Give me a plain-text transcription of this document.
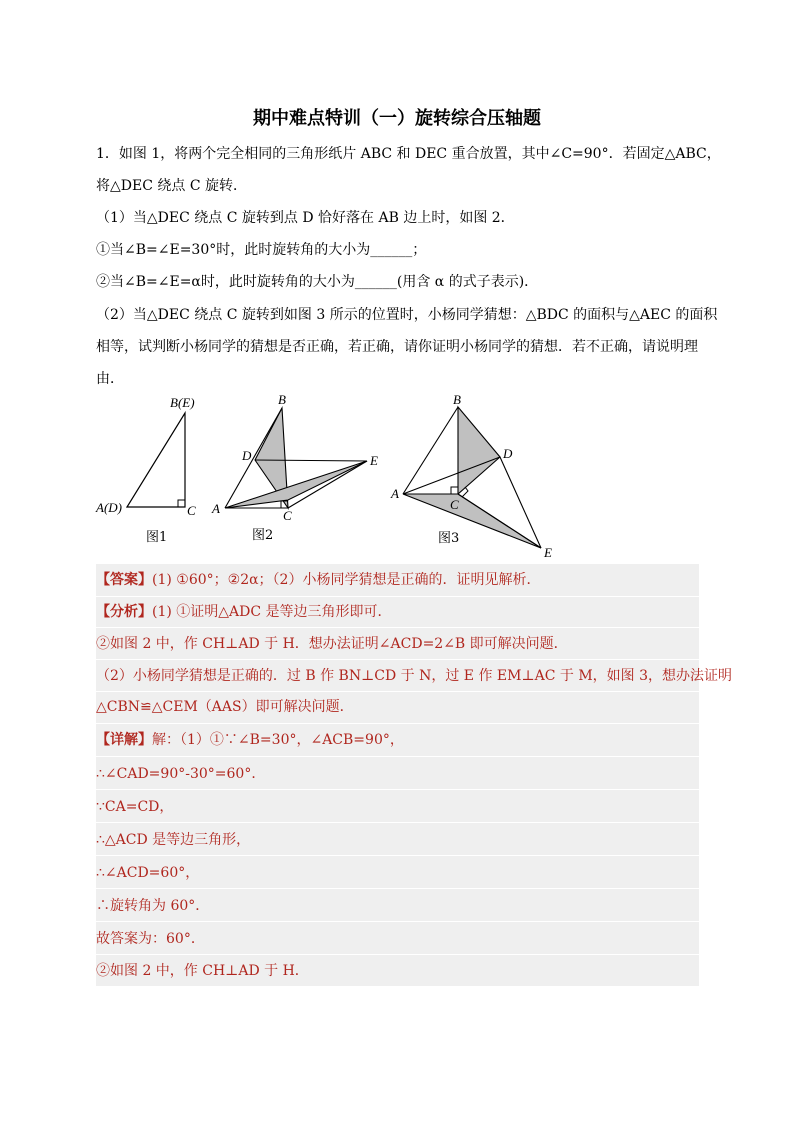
期中难点特训（一）旋转综合压轴题
1．如图 1，将两个完全相同的三角形纸片 ABC 和 DEC 重合放置，其中∠C=90°．若固定△ABC，
将△DEC 绕点 C 旋转．
（1）当△DEC 绕点 C 旋转到点 D 恰好落在 AB 边上时，如图 2．
①当∠B=∠E=30°时，此时旋转角的大小为______；
②当∠B=∠E=α时，此时旋转角的大小为______(用含 α 的式子表示)．
（2）当△DEC 绕点 C 旋转到如图 3 所示的位置时，小杨同学猜想：△BDC 的面积与△AEC 的面积
相等，试判断小杨同学的猜想是否正确，若正确，请你证明小杨同学的猜想．若不正确，请说明理
由．
B(E)
A(D)	C
图1
B
D	E
A	C
图2
B
D
A
C
E
图3
【答案】(1) ①60°；②2α；（2）小杨同学猜想是正确的．证明见解析．
【分析】(1) ①证明△ADC 是等边三角形即可．
②如图 2 中，作 CH⊥AD 于 H．想办法证明∠ACD=2∠B 即可解决问题．
（2）小杨同学猜想是正确的．过 B 作 BN⊥CD 于 N，过 E 作 EM⊥AC 于 M，如图 3，想办法证明
△CBN≌△CEM（AAS）即可解决问题．
【详解】解：（1）①∵∠B=30°，∠ACB=90°，
∴∠CAD=90°-30°=60°．
∵CA=CD，
∴△ACD 是等边三角形，
∴∠ACD=60°，
∴旋转角为 60°．
故答案为：60°．
②如图 2 中，作 CH⊥AD 于 H．
